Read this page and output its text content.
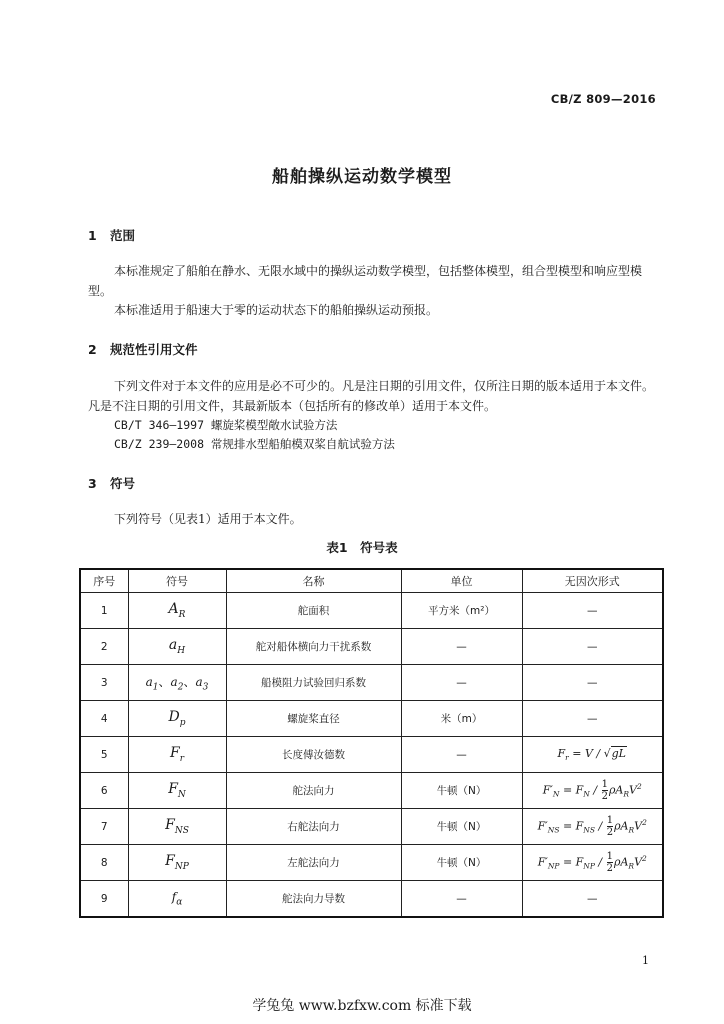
CB/Z 809—2016
船舶操纵运动数学模型
1 范围
本标准规定了船舶在静水、无限水域中的操纵运动数学模型，包括整体模型，组合型模型和响应型模型。
本标准适用于船速大于零的运动状态下的船舶操纵运动预报。
2 规范性引用文件
下列文件对于本文件的应用是必不可少的。凡是注日期的引用文件，仅所注日期的版本适用于本文件。凡是不注日期的引用文件，其最新版本（包括所有的修改单）适用于本文件。
CB/T 346—1997 螺旋桨模型敞水试验方法
CB/Z 239—2008 常规排水型船舶模双桨自航试验方法
3 符号
下列符号（见表1）适用于本文件。
表1　符号表
序号	符号	名称	单位	无因次形式
1	$A_R$	舵面积	平方米（m²）	—
2	$a_H$	舵对船体横向力干扰系数	—	—
3	$a_1$、$a_2$、$a_3$	船模阻力试验回归系数	—	—
4	$D_p$	螺旋桨直径	米（m）	—
5	$F_r$	长度傅汝德数	—	$F_r = V / √gL$
6	$F_N$	舵法向力	牛顿（N）	$F'_N = F_N / \frac{1}{2} \rho A_RV^2$
7	$F_{NS}$	右舵法向力	牛顿（N）	$F'_{NS} = F_{NS} / \frac{1}{2} \rho A_RV^2$
8	$F_{NP}$	左舵法向力	牛顿（N）	$F'_{NP} = F_{NP} / \frac{1}{2} \rho A_RV^2$
9	$f_\alpha$	舵法向力导数	—	—
1
学兔兔 www.bzfxw.com 标准下载
